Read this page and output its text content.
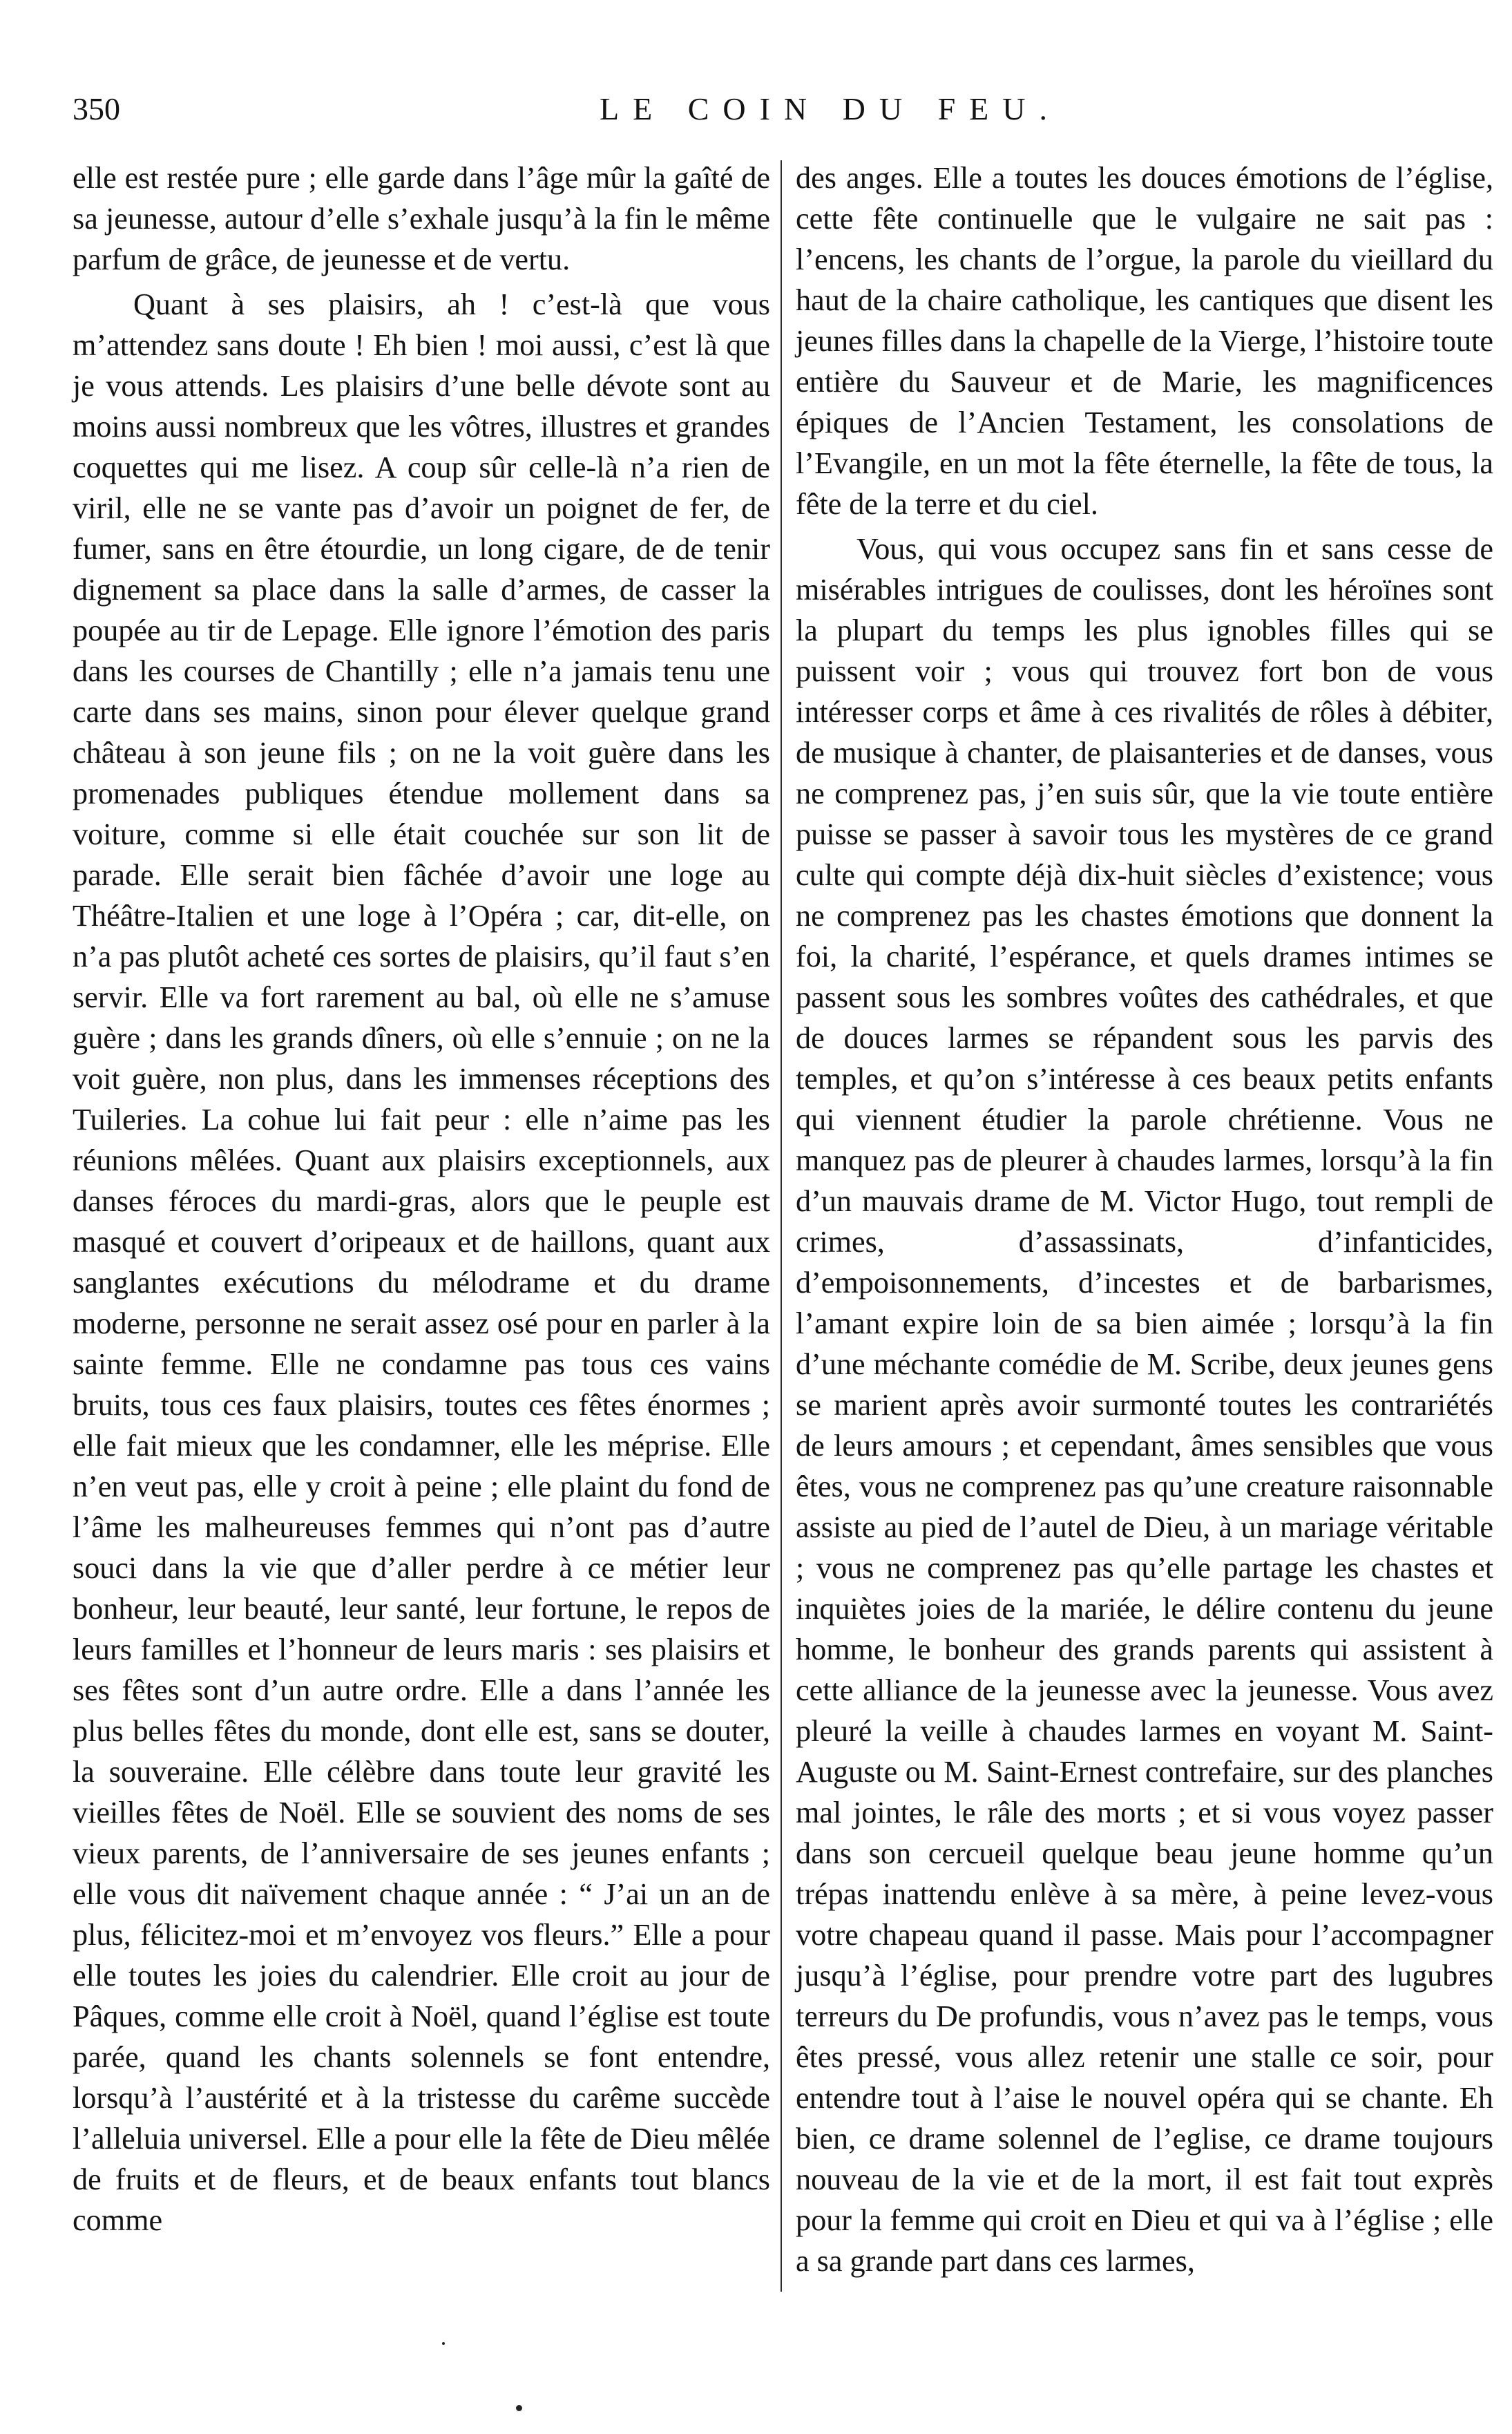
350	LE COIN DU FEU.

elle est restée pure ; elle garde dans l’âge mûr la gaîté de sa jeunesse, autour d’elle s’exhale jusqu’à la fin le même parfum de grâce, de jeunesse et de vertu.

Quant à ses plaisirs, ah ! c’est-là que vous m’attendez sans doute ! Eh bien ! moi aussi, c’est là que je vous attends. Les plaisirs d’une belle dévote sont au moins aussi nombreux que les vôtres, illustres et grandes coquettes qui me lisez. A coup sûr celle-là n’a rien de viril, elle ne se vante pas d’avoir un poignet de fer, de fumer, sans en être étourdie, un long cigare, de de tenir dignement sa place dans la salle d’armes, de casser la poupée au tir de Lepage. Elle ignore l’émotion des paris dans les courses de Chantilly ; elle n’a jamais tenu une carte dans ses mains, sinon pour élever quelque grand château à son jeune fils ; on ne la voit guère dans les promenades publiques étendue mollement dans sa voiture, comme si elle était couchée sur son lit de parade. Elle serait bien fâchée d’avoir une loge au Théâtre-Italien et une loge à l’Opéra ; car, dit-elle, on n’a pas plutôt acheté ces sortes de plaisirs, qu’il faut s’en servir. Elle va fort rarement au bal, où elle ne s’amuse guère ; dans les grands dîners, où elle s’ennuie ; on ne la voit guère, non plus, dans les immenses réceptions des Tuileries. La cohue lui fait peur : elle n’aime pas les réunions mêlées. Quant aux plaisirs exceptionnels, aux danses féroces du mardi-gras, alors que le peuple est masqué et couvert d’oripeaux et de haillons, quant aux sanglantes exécutions du mélodrame et du drame moderne, personne ne serait assez osé pour en parler à la sainte femme. Elle ne condamne pas tous ces vains bruits, tous ces faux plaisirs, toutes ces fêtes énormes ; elle fait mieux que les condamner, elle les méprise. Elle n’en veut pas, elle y croit à peine ; elle plaint du fond de l’âme les malheureuses femmes qui n’ont pas d’autre souci dans la vie que d’aller perdre à ce métier leur bonheur, leur beauté, leur santé, leur fortune, le repos de leurs familles et l’honneur de leurs maris : ses plaisirs et ses fêtes sont d’un autre ordre. Elle a dans l’année les plus belles fêtes du monde, dont elle est, sans se douter, la souveraine. Elle célèbre dans toute leur gravité les vieilles fêtes de Noël. Elle se souvient des noms de ses vieux parents, de l’anniversaire de ses jeunes enfants ; elle vous dit naïvement chaque année : “ J’ai un an de plus, félicitez-moi et m’envoyez vos fleurs.” Elle a pour elle toutes les joies du calendrier. Elle croit au jour de Pâques, comme elle croit à Noël, quand l’église est toute parée, quand les chants solennels se font entendre, lorsqu’à l’austérité et à la tristesse du carême succède l’alleluia universel. Elle a pour elle la fête de Dieu mêlée de fruits et de fleurs, et de beaux enfants tout blancs comme

des anges. Elle a toutes les douces émotions de l’église, cette fête continuelle que le vulgaire ne sait pas : l’encens, les chants de l’orgue, la parole du vieillard du haut de la chaire catholique, les cantiques que disent les jeunes filles dans la chapelle de la Vierge, l’histoire toute entière du Sauveur et de Marie, les magnificences épiques de l’Ancien Testament, les consolations de l’Evangile, en un mot la fête éternelle, la fête de tous, la fête de la terre et du ciel.

Vous, qui vous occupez sans fin et sans cesse de misérables intrigues de coulisses, dont les héroïnes sont la plupart du temps les plus ignobles filles qui se puissent voir ; vous qui trouvez fort bon de vous intéresser corps et âme à ces rivalités de rôles à débiter, de musique à chanter, de plaisanteries et de danses, vous ne comprenez pas, j’en suis sûr, que la vie toute entière puisse se passer à savoir tous les mystères de ce grand culte qui compte déjà dix-huit siècles d’existence; vous ne comprenez pas les chastes émotions que donnent la foi, la charité, l’espérance, et quels drames intimes se passent sous les sombres voûtes des cathédrales, et que de douces larmes se répandent sous les parvis des temples, et qu’on s’intéresse à ces beaux petits enfants qui viennent étudier la parole chrétienne. Vous ne manquez pas de pleurer à chaudes larmes, lorsqu’à la fin d’un mauvais drame de M. Victor Hugo, tout rempli de crimes, d’assassinats, d’infanticides, d’empoisonnements, d’incestes et de barbarismes, l’amant expire loin de sa bien aimée ; lorsqu’à la fin d’une méchante comédie de M. Scribe, deux jeunes gens se marient après avoir surmonté toutes les contrariétés de leurs amours ; et cependant, âmes sensibles que vous êtes, vous ne comprenez pas qu’une creature raisonnable assiste au pied de l’autel de Dieu, à un mariage véritable ; vous ne comprenez pas qu’elle partage les chastes et inquiètes joies de la mariée, le délire contenu du jeune homme, le bonheur des grands parents qui assistent à cette alliance de la jeunesse avec la jeunesse. Vous avez pleuré la veille à chaudes larmes en voyant M. Saint-Auguste ou M. Saint-Ernest contrefaire, sur des planches mal jointes, le râle des morts ; et si vous voyez passer dans son cercueil quelque beau jeune homme qu’un trépas inattendu enlève à sa mère, à peine levez-vous votre chapeau quand il passe. Mais pour l’accompagner jusqu’à l’église, pour prendre votre part des lugubres terreurs du De profundis, vous n’avez pas le temps, vous êtes pressé, vous allez retenir une stalle ce soir, pour entendre tout à l’aise le nouvel opéra qui se chante. Eh bien, ce drame solennel de l’eglise, ce drame toujours nouveau de la vie et de la mort, il est fait tout exprès pour la femme qui croit en Dieu et qui va à l’église ; elle a sa grande part dans ces larmes,
